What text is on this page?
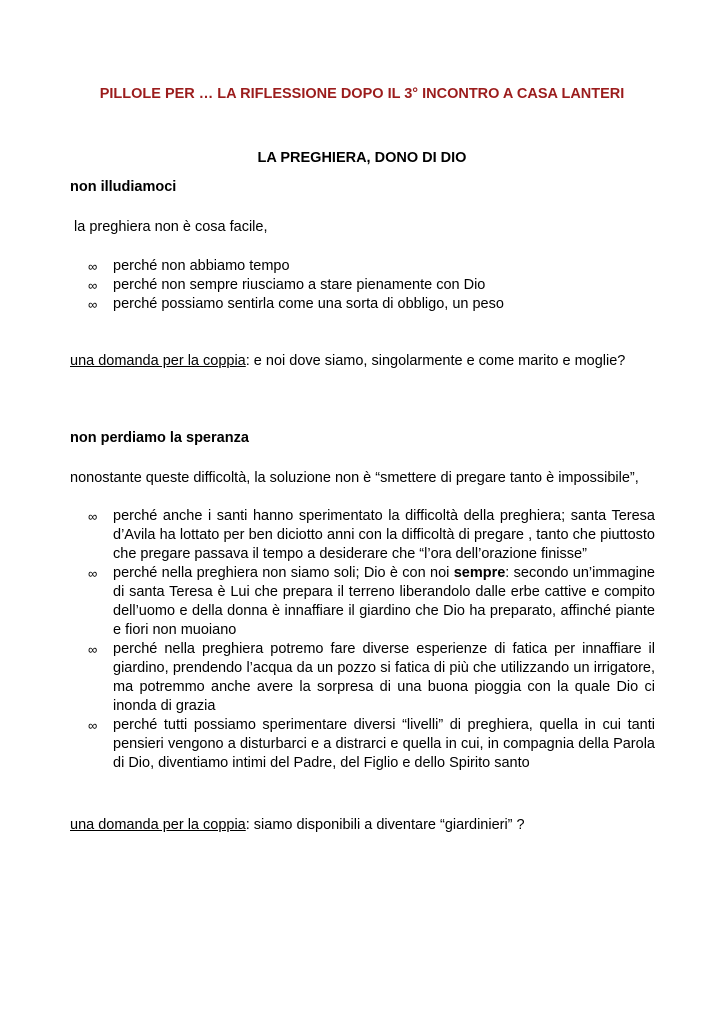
PILLOLE PER … LA RIFLESSIONE DOPO IL 3° INCONTRO A CASA LANTERI
LA PREGHIERA, DONO DI DIO
non illudiamoci
la preghiera non è cosa facile,
∞ perché non abbiamo tempo
∞ perché non sempre riusciamo a stare pienamente con Dio
∞ perché possiamo sentirla come una sorta di obbligo, un peso
una domanda per la coppia: e noi dove siamo, singolarmente e come marito e moglie?
non perdiamo la speranza
nonostante queste difficoltà, la soluzione non è “smettere di pregare tanto è impossibile”,
∞ perché anche i santi hanno sperimentato la difficoltà della preghiera; santa Teresa d’Avila ha lottato per ben diciotto anni con la difficoltà di pregare , tanto che piuttosto che pregare passava il tempo a desiderare che “l’ora dell’orazione finisse”
∞ perché nella preghiera non siamo soli; Dio è con noi sempre: secondo un’immagine di santa Teresa è Lui che prepara il terreno liberandolo dalle erbe cattive e compito dell’uomo e della donna è innaffiare il giardino che Dio ha preparato, affinché piante e fiori non muoiano
∞ perché nella preghiera potremo fare diverse esperienze di fatica per innaffiare il giardino, prendendo l’acqua da un pozzo si fatica di più che utilizzando un irrigatore, ma potremmo anche avere la sorpresa di una buona pioggia con la quale Dio ci inonda di grazia
∞ perché tutti possiamo sperimentare diversi “livelli” di preghiera, quella in cui tanti pensieri vengono a disturbarci e a distrarci e quella in cui, in compagnia della Parola di Dio, diventiamo intimi del Padre, del Figlio e dello Spirito santo
una domanda per la coppia: siamo disponibili a diventare “giardinieri” ?
